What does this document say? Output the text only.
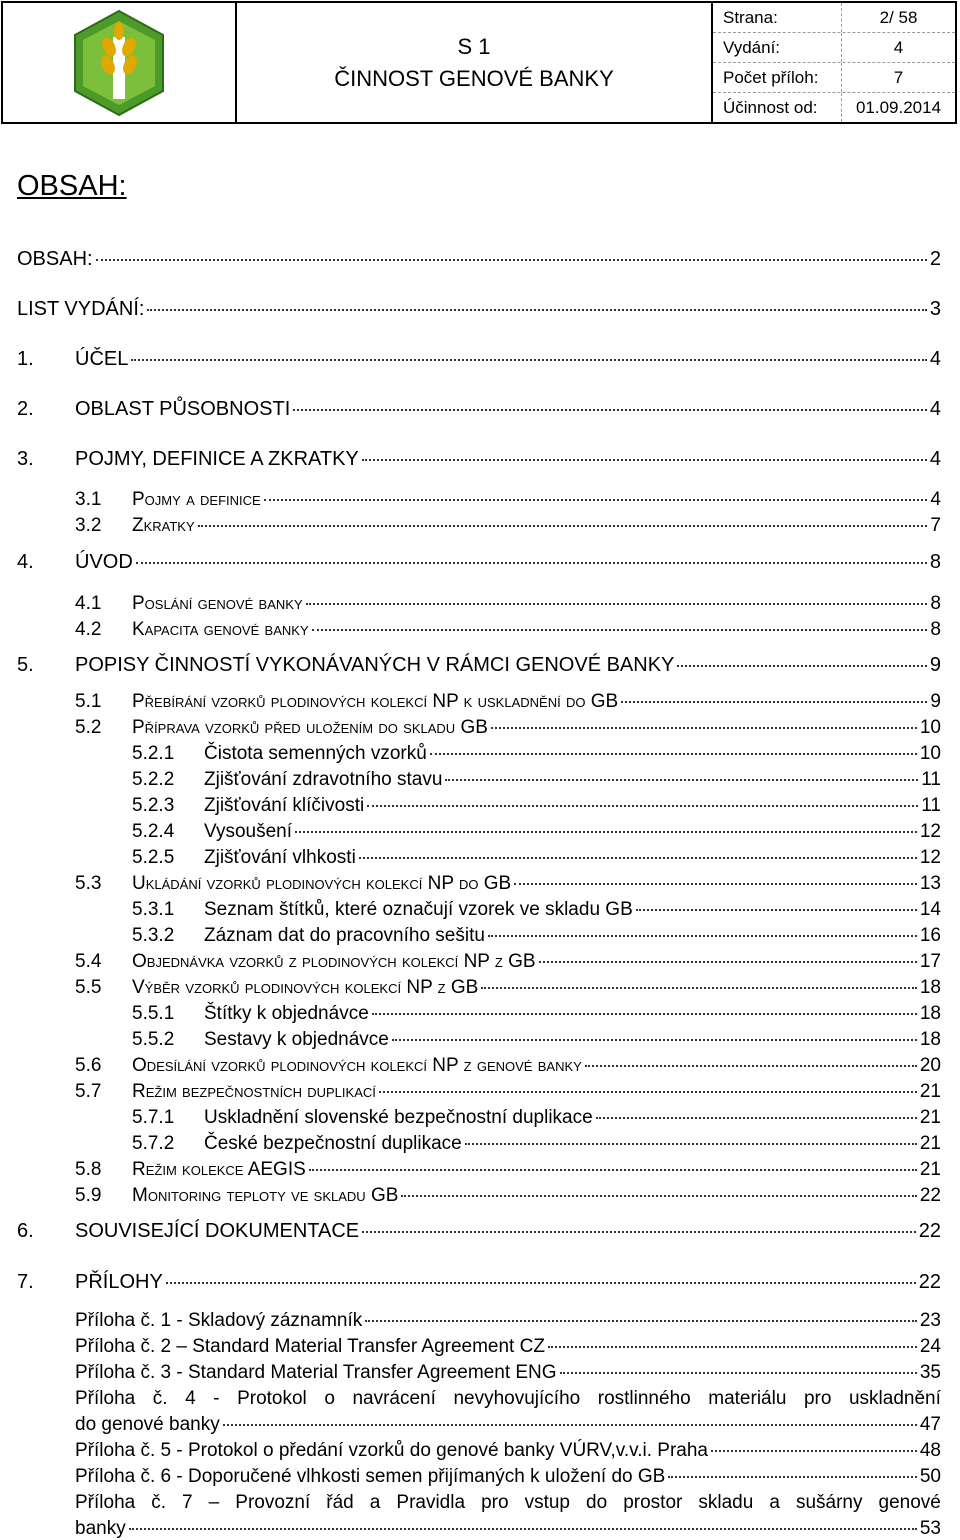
S 1
ČINNOST GENOVÉ BANKY
Strana:	2/ 58
Vydání:	4
Počet příloh:	7
Účinnost od:	01.09.2014
OBSAH:
OBSAH:	2
LIST VYDÁNÍ:	3
1.	ÚČEL	4
2.	OBLAST PŮSOBNOSTI	4
3.	POJMY, DEFINICE A ZKRATKY	4
3.1	Pojmy a definice	4
3.2	Zkratky	7
4.	ÚVOD	8
4.1	Poslání genové banky	8
4.2	Kapacita genové banky	8
5.	POPISY ČINNOSTÍ VYKONÁVANÝCH V RÁMCI GENOVÉ BANKY	9
5.1	Přebírání vzorků plodinových kolekcí NP k uskladnění do GB	9
5.2	Příprava vzorků před uložením do skladu GB	10
5.2.1	Čistota semenných vzorků	10
5.2.2	Zjišťování zdravotního stavu	11
5.2.3	Zjišťování klíčivosti	11
5.2.4	Vysoušení	12
5.2.5	Zjišťování vlhkosti	12
5.3	Ukládání vzorků plodinových kolekcí NP do GB	13
5.3.1	Seznam štítků, které označují vzorek ve skladu GB	14
5.3.2	Záznam dat do pracovního sešitu	16
5.4	Objednávka vzorků z plodinových kolekcí NP z GB	17
5.5	Výběr vzorků plodinových kolekcí NP z GB	18
5.5.1	Štítky k objednávce	18
5.5.2	Sestavy k objednávce	18
5.6	Odesílání vzorků plodinových kolekcí NP z genové banky	20
5.7	Režim bezpečnostních duplikací	21
5.7.1	Uskladnění slovenské bezpečnostní duplikace	21
5.7.2	České bezpečnostní duplikace	21
5.8	Režim kolekce AEGIS	21
5.9	Monitoring teploty ve skladu GB	22
6.	SOUVISEJÍCÍ DOKUMENTACE	22
7.	PŘÍLOHY	22
Příloha č. 1 - Skladový záznamník	23
Příloha č. 2 – Standard Material Transfer Agreement CZ	24
Příloha č. 3 - Standard Material Transfer Agreement ENG	35
Příloha č. 4 - Protokol o navrácení nevyhovujícího rostlinného materiálu pro uskladnění
do genové banky	47
Příloha č. 5 - Protokol o předání vzorků do genové banky VÚRV,v.v.i. Praha	48
Příloha č. 6 - Doporučené vlhkosti semen přijímaných k uložení do GB	50
Příloha č. 7 – Provozní řád a Pravidla pro vstup do prostor skladu a sušárny genové
banky	53
